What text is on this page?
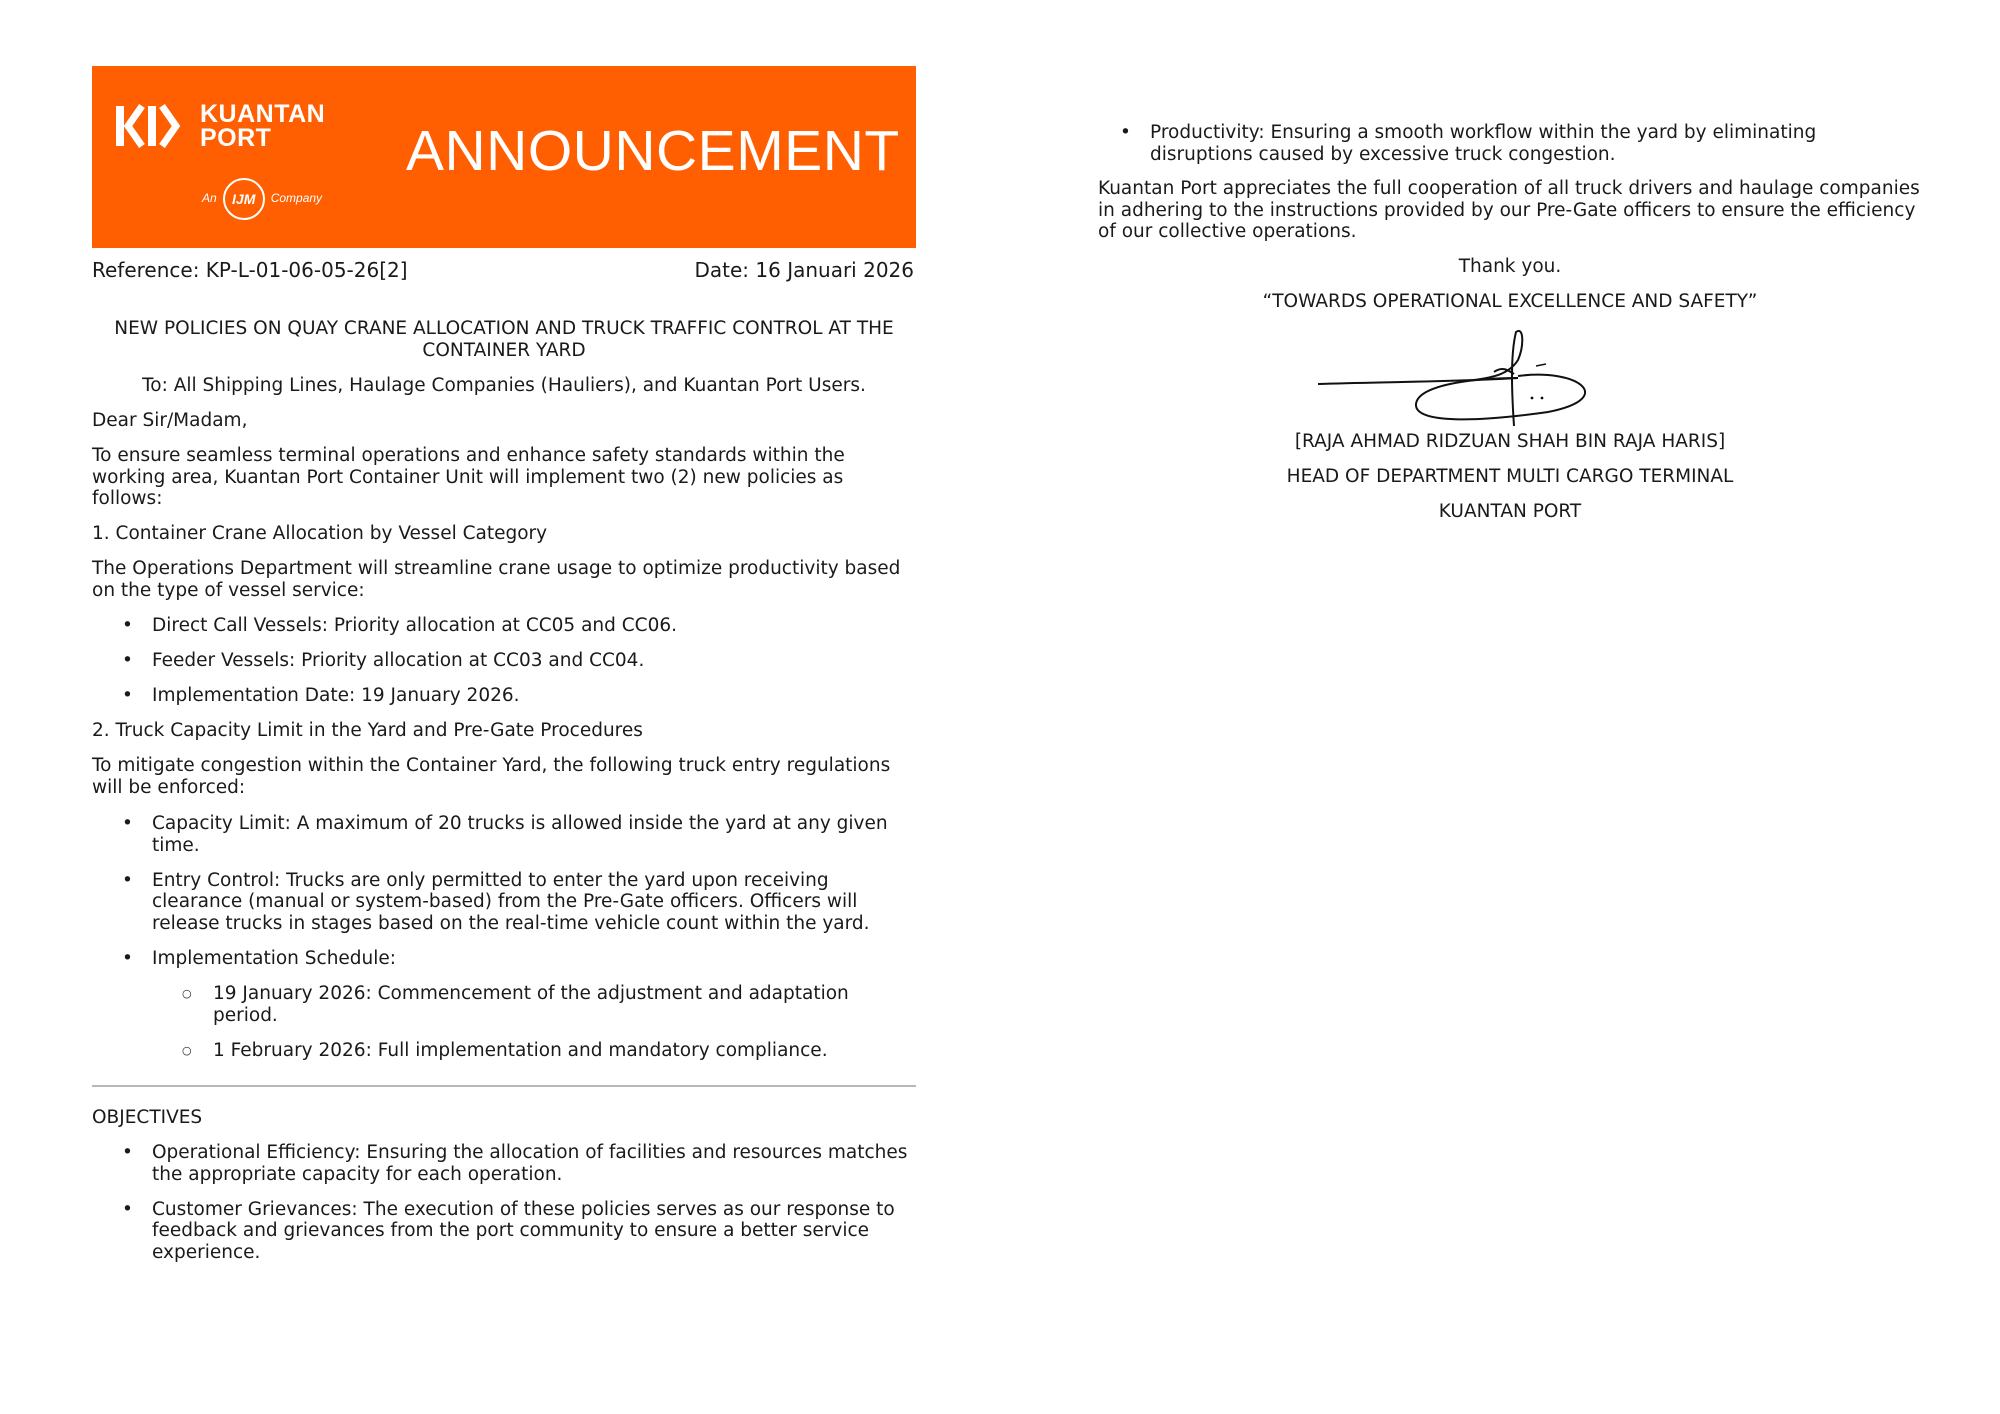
KUANTAN
PORT
An IJM Company
ANNOUNCEMENT
Reference: KP-L-01-06-05-26[2]	Date: 16 Januari 2026

NEW POLICIES ON QUAY CRANE ALLOCATION AND TRUCK TRAFFIC CONTROL AT THE CONTAINER YARD

To: All Shipping Lines, Haulage Companies (Hauliers), and Kuantan Port Users.

Dear Sir/Madam,

To ensure seamless terminal operations and enhance safety standards within the working area, Kuantan Port Container Unit will implement two (2) new policies as follows:

1. Container Crane Allocation by Vessel Category

The Operations Department will streamline crane usage to optimize productivity based on the type of vessel service:

• Direct Call Vessels: Priority allocation at CC05 and CC06.
• Feeder Vessels: Priority allocation at CC03 and CC04.
• Implementation Date: 19 January 2026.

2. Truck Capacity Limit in the Yard and Pre-Gate Procedures

To mitigate congestion within the Container Yard, the following truck entry regulations will be enforced:

• Capacity Limit: A maximum of 20 trucks is allowed inside the yard at any given time.
• Entry Control: Trucks are only permitted to enter the yard upon receiving clearance (manual or system-based) from the Pre-Gate officers. Officers will release trucks in stages based on the real-time vehicle count within the yard.
• Implementation Schedule:
○ 19 January 2026: Commencement of the adjustment and adaptation period.
○ 1 February 2026: Full implementation and mandatory compliance.

OBJECTIVES

• Operational Efficiency: Ensuring the allocation of facilities and resources matches the appropriate capacity for each operation.
• Customer Grievances: The execution of these policies serves as our response to feedback and grievances from the port community to ensure a better service experience.
• Productivity: Ensuring a smooth workflow within the yard by eliminating disruptions caused by excessive truck congestion.

Kuantan Port appreciates the full cooperation of all truck drivers and haulage companies in adhering to the instructions provided by our Pre-Gate officers to ensure the efficiency of our collective operations.

Thank you.

“TOWARDS OPERATIONAL EXCELLENCE AND SAFETY”

[RAJA AHMAD RIDZUAN SHAH BIN RAJA HARIS]

HEAD OF DEPARTMENT MULTI CARGO TERMINAL

KUANTAN PORT
